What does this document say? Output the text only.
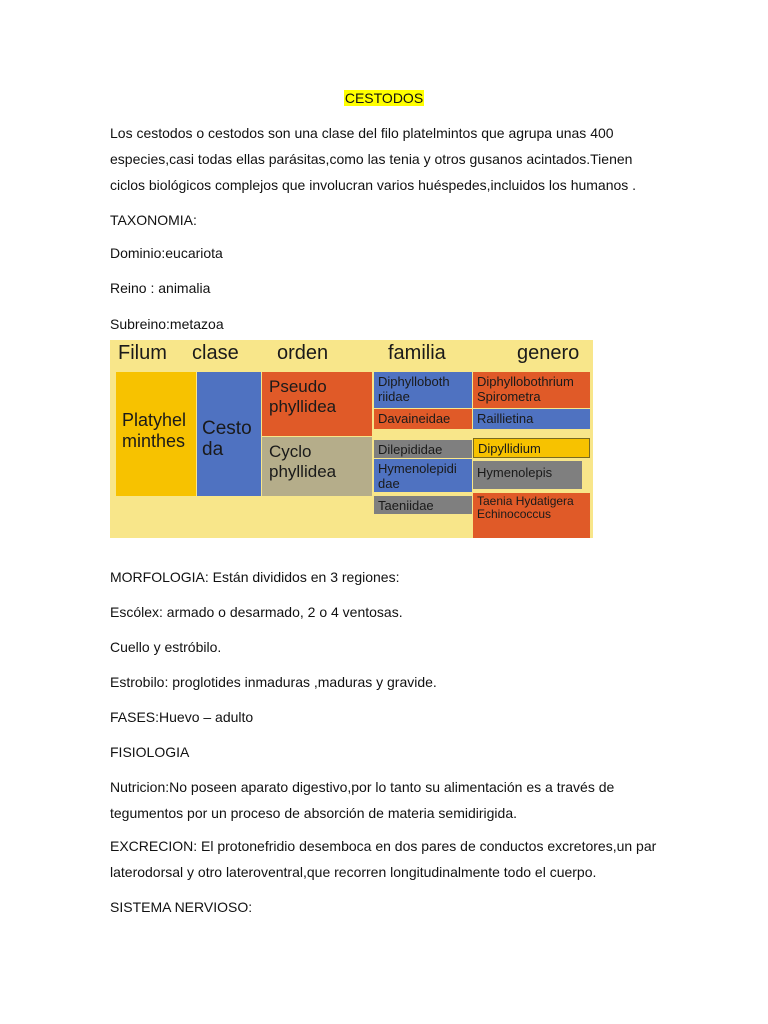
CESTODOS
Los cestodos o cestodos son una clase del filo platelmintos que agrupa unas 400 especies,casi todas ellas parásitas,como las tenia y otros gusanos acintados.Tienen ciclos biológicos complejos que involucran varios huéspedes,incluidos los humanos .
TAXONOMIA:
Dominio:eucariota
Reino : animalia
Subreino:metazoa
Filum clase orden	familia	genero
Platyhel minthes
Cesto da
Pseudo phyllidea
Cyclo phyllidea
Diphylloboth riidae
Davaineidae
Dilepididae
Hymenolepidi dae
Taeniidae
Diphyllobothrium Spirometra
Raillietina
Dipyllidium
Hymenolepis
Taenia Hydatigera Echinococcus
MORFOLOGIA: Están divididos en 3 regiones:
Escólex: armado o desarmado, 2 o 4 ventosas.
Cuello y estróbilo.
Estrobilo: proglotides inmaduras ,maduras y gravide.
FASES:Huevo – adulto
FISIOLOGIA
Nutricion:No poseen aparato digestivo,por lo tanto su alimentación es a través de tegumentos por un proceso de absorción de materia semidirigida.
EXCRECION: El protonefridio desemboca en dos pares de conductos excretores,un par laterodorsal y otro lateroventral,que recorren longitudinalmente todo el cuerpo.
SISTEMA NERVIOSO:
